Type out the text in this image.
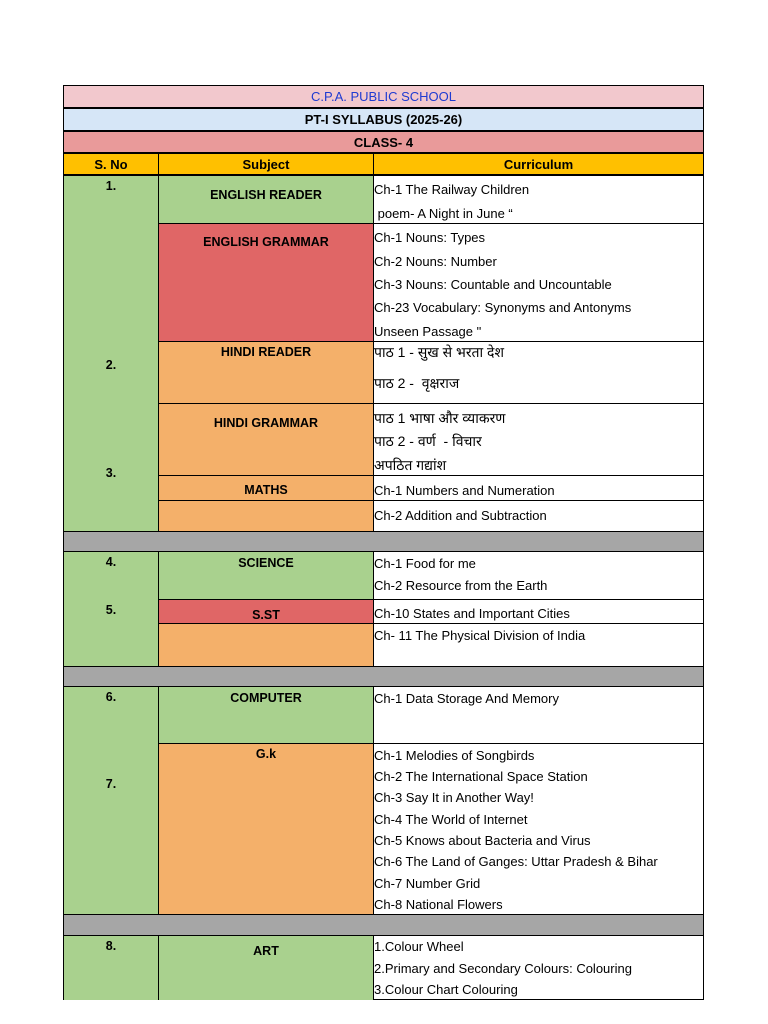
C.P.A. PUBLIC SCHOOL
PT-I SYLLABUS (2025-26)
CLASS- 4
S. No	Subject	Curriculum
1.
2.
3.
4.
5.
6.
7.
8.
ENGLISH READER
ENGLISH GRAMMAR
HINDI READER
HINDI GRAMMAR
MATHS
SCIENCE
S.ST
COMPUTER
G.k
ART
Ch-1 The Railway Children
poem- A Night in June “
Ch-1 Nouns: Types
Ch-2 Nouns: Number
Ch-3 Nouns: Countable and Uncountable
Ch-23 Vocabulary: Synonyms and Antonyms
Unseen Passage "
पाठ 1 - सुख से भरता देश
पाठ 2 -  वृक्षराज
पाठ 1 भाषा और व्याकरण
पाठ 2 - वर्ण  - विचार
अपठित गद्यांश
Ch-1 Numbers and Numeration
Ch-2 Addition and Subtraction
Ch-1 Food for me
Ch-2 Resource from the Earth
Ch-10 States and Important Cities
Ch- 11 The Physical Division of India
Ch-1 Data Storage And Memory
Ch-1 Melodies of Songbirds
Ch-2 The International Space Station
Ch-3 Say It in Another Way!
Ch-4 The World of Internet
Ch-5 Knows about Bacteria and Virus
Ch-6 The Land of Ganges: Uttar Pradesh & Bihar
Ch-7 Number Grid
Ch-8 National Flowers
1.Colour Wheel
2.Primary and Secondary Colours: Colouring
3.Colour Chart Colouring
